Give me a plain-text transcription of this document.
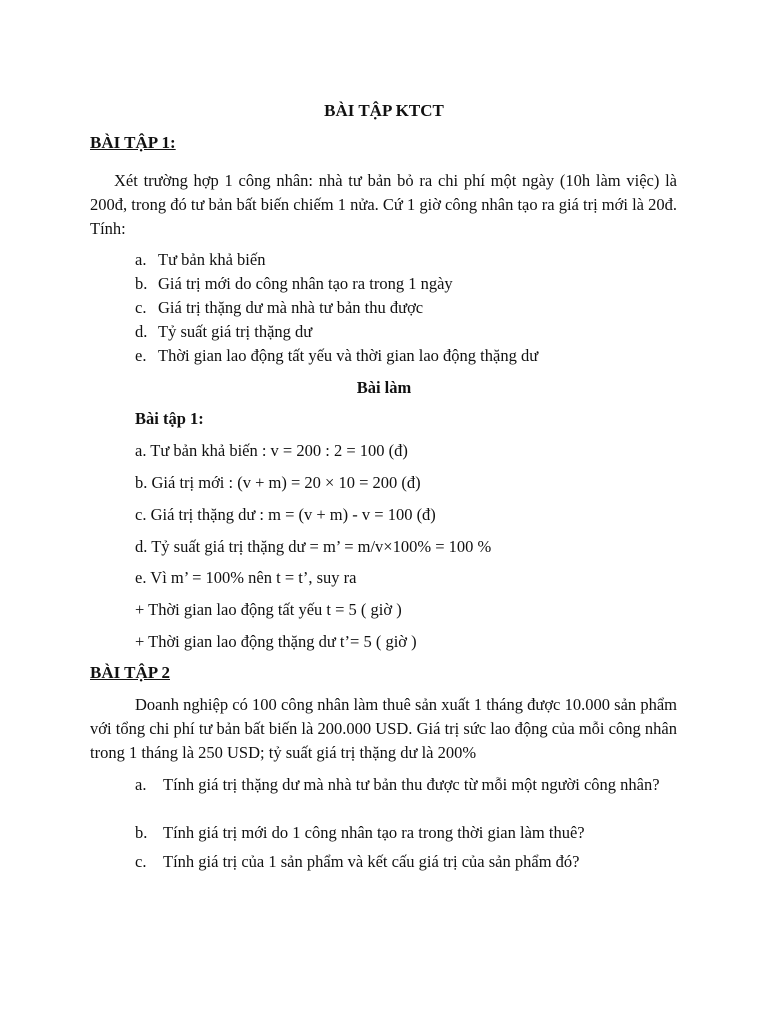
BÀI TẬP KTCT
BÀI TẬP 1:
Xét trường hợp 1 công nhân: nhà tư bản bỏ ra chi phí một ngày (10h làm việc) là 200đ, trong đó tư bản bất biến chiếm 1 nửa. Cứ 1 giờ công nhân tạo ra giá trị mới là 20đ. Tính:
a. Tư bản khả biến
b. Giá trị mới do công nhân tạo ra trong 1 ngày
c. Giá trị thặng dư mà nhà tư bản thu được
d. Tỷ suất giá trị thặng dư
e. Thời gian lao động tất yếu và thời gian lao động thặng dư
Bài làm
Bài tập 1:
a. Tư bản khả biến : v = 200 : 2 = 100 (đ)
b. Giá trị mới : (v + m) = 20 × 10 = 200 (đ)
c. Giá trị thặng dư : m = (v + m) - v = 100 (đ)
d. Tỷ suất giá trị thặng dư = m’ = m/v×100% = 100 %
e. Vì m’ = 100% nên t = t’, suy ra
+ Thời gian lao động tất yếu t = 5 ( giờ )
+ Thời gian lao động thặng dư t’= 5 ( giờ )
BÀI TẬP 2
Doanh nghiệp có 100 công nhân làm thuê sản xuất 1 tháng được 10.000 sản phẩm với tổng chi phí tư bản bất biến là 200.000 USD. Giá trị sức lao động của mỗi công nhân trong 1 tháng là 250 USD; tỷ suất giá trị thặng dư là 200%
a. Tính giá trị thặng dư mà nhà tư bản thu được từ mỗi một người công nhân?
b. Tính giá trị mới do 1 công nhân tạo ra trong thời gian làm thuê?
c. Tính giá trị của 1 sản phẩm và kết cấu giá trị của sản phẩm đó?
